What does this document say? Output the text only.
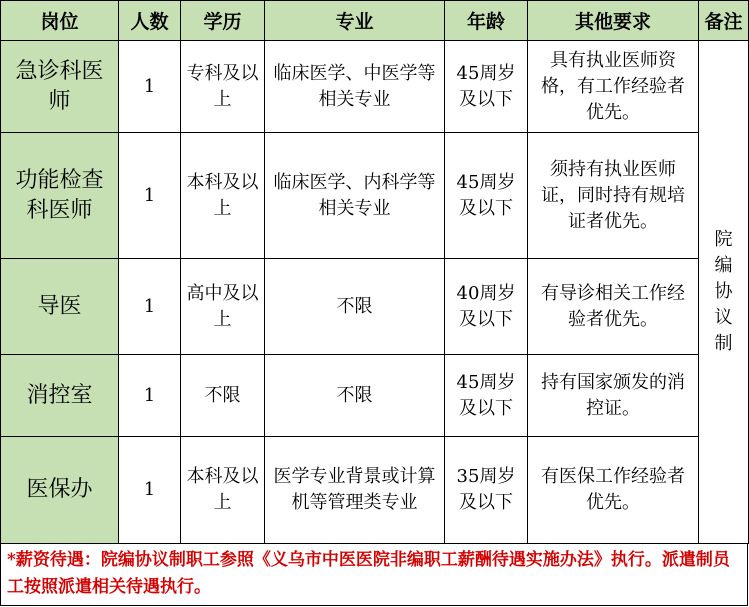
岗位	人数	学历	专业	年龄	其他要求	备注
急诊科医师	1	专科及以上	临床医学、中医学等相关专业	45周岁及以下	具有执业医师资格，有工作经验者优先。	院编协议制
功能检查科医师	1	本科及以上	临床医学、内科学等相关专业	45周岁及以下	须持有执业医师证，同时持有规培证者优先。	
导医	1	高中及以上	不限	40周岁及以下	有导诊相关工作经验者优先。	
消控室	1	不限	不限	45周岁及以下	持有国家颁发的消控证。	
医保办	1	本科及以上	医学专业背景或计算机等管理类专业	35周岁及以下	有医保工作经验者优先。	
*薪资待遇：院编协议制职工参照《义乌市中医医院非编职工薪酬待遇实施办法》执行。派遣制员工按照派遣相关待遇执行。
